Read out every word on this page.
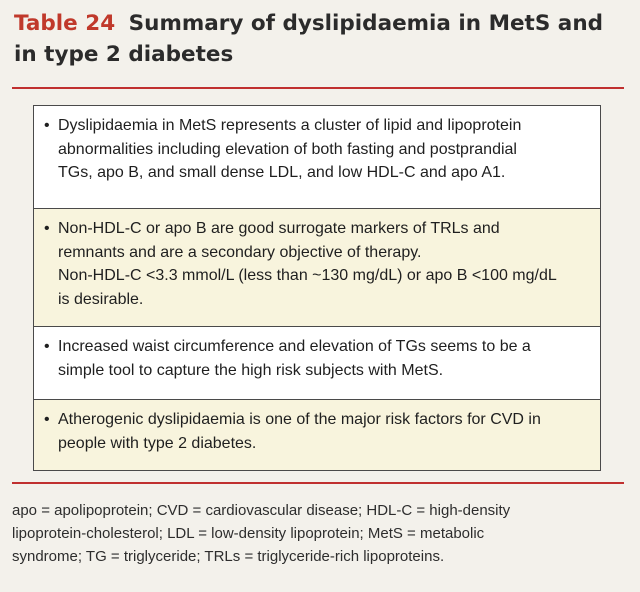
Table 24 Summary of dyslipidaemia in MetS and in type 2 diabetes
• Dyslipidaemia in MetS represents a cluster of lipid and lipoprotein
abnormalities including elevation of both fasting and postprandial
TGs, apo B, and small dense LDL, and low HDL-C and apo A1.
• Non-HDL-C or apo B are good surrogate markers of TRLs and
remnants and are a secondary objective of therapy.
Non-HDL-C <3.3 mmol/L (less than ~130 mg/dL) or apo B <100 mg/dL
is desirable.
• Increased waist circumference and elevation of TGs seems to be a
simple tool to capture the high risk subjects with MetS.
• Atherogenic dyslipidaemia is one of the major risk factors for CVD in
people with type 2 diabetes.

apo = apolipoprotein; CVD = cardiovascular disease; HDL-C = high-density
lipoprotein-cholesterol; LDL = low-density lipoprotein; MetS = metabolic
syndrome; TG = triglyceride; TRLs = triglyceride-rich lipoproteins.
